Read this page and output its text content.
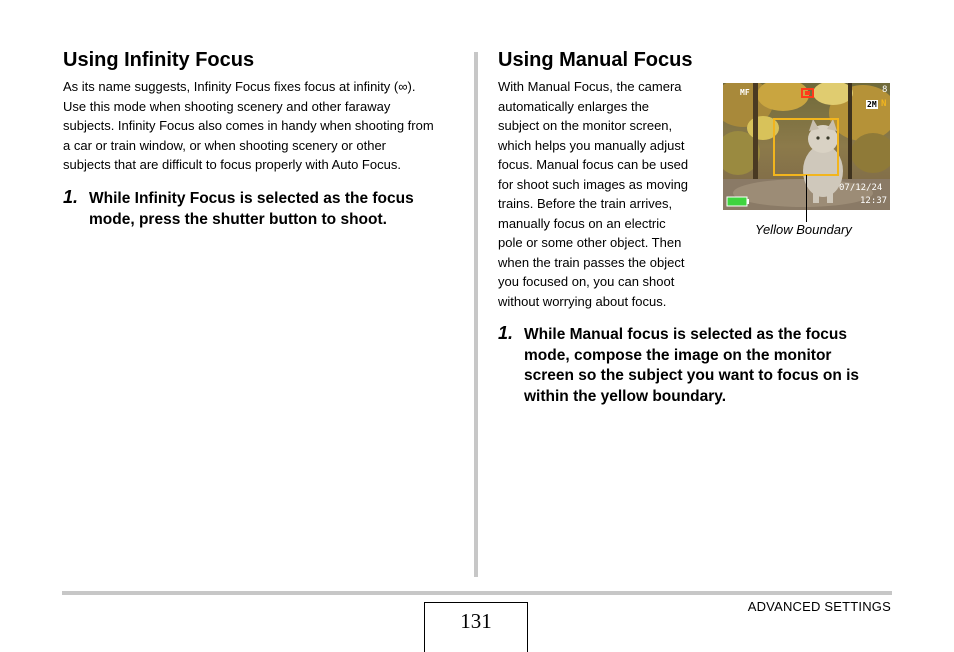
Using Infinity Focus
As its name suggests, Infinity Focus fixes focus at infinity (∞).
Use this mode when shooting scenery and other faraway
subjects. Infinity Focus also comes in handy when shooting from
a car or train window, or when shooting scenery or other
subjects that are difficult to focus properly with Auto Focus.
1. While Infinity Focus is selected as the focus
mode, press the shutter button to shoot.
Using Manual Focus
With Manual Focus, the camera
automatically enlarges the
subject on the monitor screen,
which helps you manually adjust
focus. Manual focus can be used
for shoot such images as moving
trains. Before the train arrives,
manually focus on an electric
pole or some other object. Then
when the train passes the object
you focused on, you can shoot
without worrying about focus.
MF	8
2M N
07/12/24
12:37
Yellow Boundary
1. While Manual focus is selected as the focus
mode, compose the image on the monitor
screen so the subject you want to focus on is
within the yellow boundary.
131
ADVANCED SETTINGS
